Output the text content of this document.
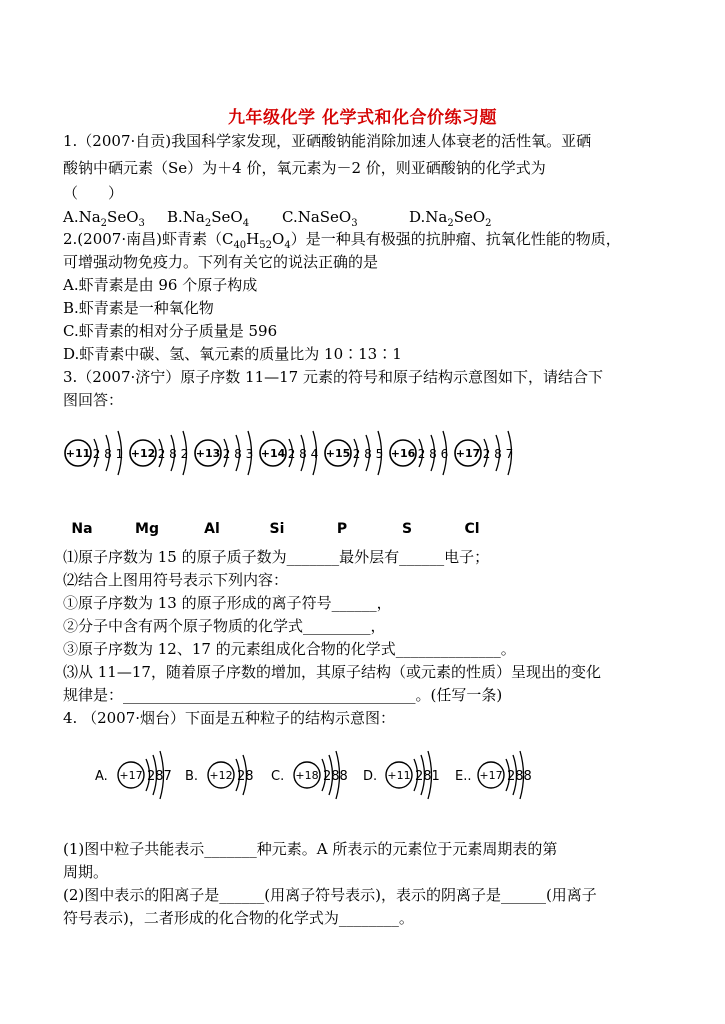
九年级化学 化学式和化合价练习题
1.（2007·自贡)我国科学家发现，亚硒酸钠能消除加速人体衰老的活性氧。亚硒
酸钠中硒元素（Se）为＋4 价，氧元素为－2 价，则亚硒酸钠的化学式为
（　　）
$A.Na_2SeO_3$ $B.Na_2SeO_4$ C.NaSeO$_3$	$D.Na_2SeO_2$
2.(2007·南昌)虾青素$(C_{40}H_{52}O_4)$是一种具有极强的抗肿瘤、抗氧化性能的物质，
可增强动物免疫力。下列有关它的说法正确的是
A.虾青素是由 96 个原子构成
B.虾青素是一种氧化物
C.虾青素的相对分子质量是 596
D.虾青素中碳、氢、氧元素的质量比为 10∶13∶1
3.（2007·济宁）原子序数 11—17 元素的符号和原子结构示意图如下，请结合下
图回答：
+11 2 8 1
Na
+12 2 8 2
Mg
+13 2 8 3
Al
+14 2 8 4
Si
+15 2 8 5
P
+16 2 8 6
S
+17 2 8 7
Cl
⑴原子序数为 15 的原子质子数为_______最外层有______电子；
⑵结合上图用符号表示下列内容：
①原子序数为 13 的原子形成的离子符号______，
②分子中含有两个原子物质的化学式_________，
③原子序数为 12、17 的元素组成化合物的化学式______________。
⑶从 11—17，随着原子序数的增加，其原子结构（或元素的性质）呈现出的变化
规律是：_______________________________________。(任写一条)
4. （2007·烟台）下面是五种粒子的结构示意图：
A. +17 287 B. +12 28 C. +18 288 D. +11 281 E.. +17 288
(1)图中粒子共能表示_______种元素。A 所表示的元素位于元素周期表的第
周期。
(2)图中表示的阳离子是______(用离子符号表示)，表示的阴离子是______(用离子
符号表示)，二者形成的化合物的化学式为________。
